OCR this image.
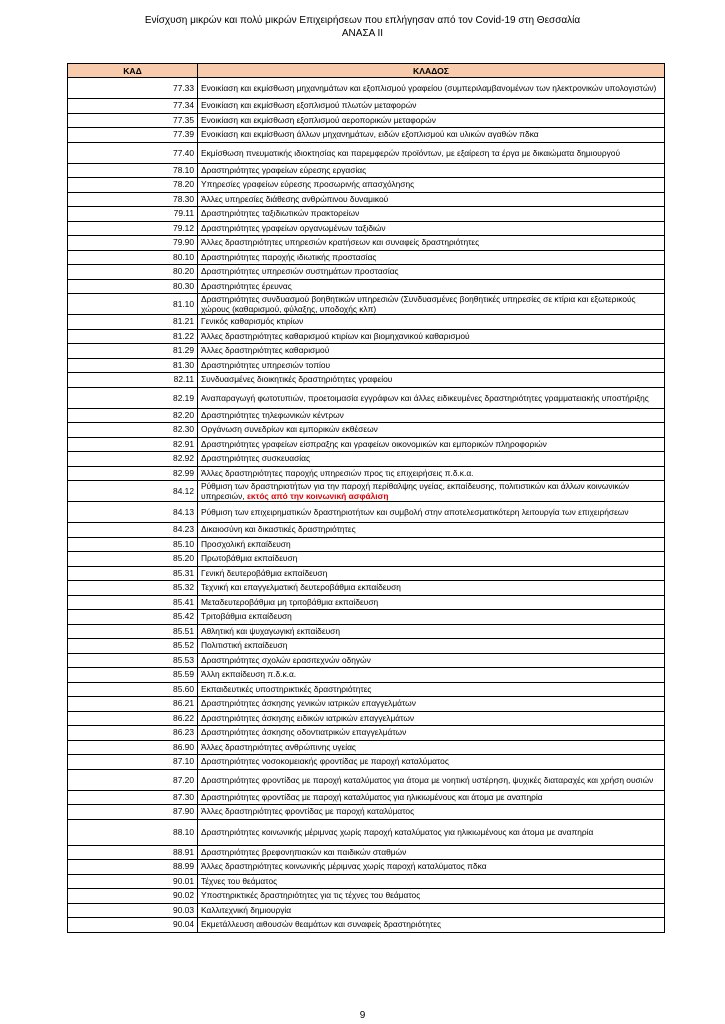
Ενίσχυση μικρών και πολύ μικρών Επιχειρήσεων που επλήγησαν από τον Covid-19 στη Θεσσαλία
ΑΝΑΣΑ ΙΙ
ΚΑΔ	ΚΛΑΔΟΣ
77.33	Ενοικίαση και εκμίσθωση μηχανημάτων και εξοπλισμού γραφείου (συμπεριλαμβανομένων των ηλεκτρονικών υπολογιστών)
77.34	Ενοικίαση και εκμίσθωση εξοπλισμού πλωτών μεταφορών
77.35	Ενοικίαση και εκμίσθωση εξοπλισμού αεροπορικών μεταφορών
77.39	Ενοικίαση και εκμίσθωση άλλων μηχανημάτων, ειδών εξοπλισμού και υλικών αγαθών πδκα
77.40	Εκμίσθωση πνευματικής ιδιοκτησίας και παρεμφερών προϊόντων, με εξαίρεση τα έργα με δικαιώματα δημιουργού
78.10	Δραστηριότητες γραφείων εύρεσης εργασίας
78.20	Υπηρεσίες γραφείων εύρεσης προσωρινής απασχόλησης
78.30	Άλλες υπηρεσίες διάθεσης ανθρώπινου δυναμικού
79.11	Δραστηριότητες ταξιδιωτικών πρακτορείων
79.12	Δραστηριότητες γραφείων οργανωμένων ταξιδιών
79.90	Άλλες δραστηριότητες υπηρεσιών κρατήσεων και συναφείς δραστηριότητες
80.10	Δραστηριότητες παροχής ιδιωτικής προστασίας
80.20	Δραστηριότητες υπηρεσιών συστημάτων προστασίας
80.30	Δραστηριότητες έρευνας
81.10	Δραστηριότητες συνδυασμού βοηθητικών υπηρεσιών (Συνδυασμένες βοηθητικές υπηρεσίες σε κτίρια και εξωτερικούς χώρους (καθαρισμού, φύλαξης, υποδοχής κλπ)
81.21	Γενικός καθαρισμός κτιρίων
81.22	Άλλες δραστηριότητες καθαρισμού κτιρίων και βιομηχανικού καθαρισμού
81.29	Άλλες δραστηριότητες καθαρισμού
81.30	Δραστηριότητες υπηρεσιών τοπίου
82.11	Συνδυασμένες διοικητικές δραστηριότητες γραφείου
82.19	Αναπαραγωγή φωτοτυπιών, προετοιμασία εγγράφων και άλλες ειδικευμένες δραστηριότητες γραμματειακής υποστήριξης
82.20	Δραστηριότητες τηλεφωνικών κέντρων
82.30	Οργάνωση συνεδρίων και εμπορικών εκθέσεων
82.91	Δραστηριότητες γραφείων είσπραξης και γραφείων οικονομικών και εμπορικών πληροφοριών
82.92	Δραστηριότητες συσκευασίας
82.99	Άλλες δραστηριότητες παροχής υπηρεσιών προς τις επιχειρήσεις π.δ.κ.α.
84.12	Ρύθμιση των δραστηριοτήτων για την παροχή περίθαλψης υγείας, εκπαίδευσης, πολιτιστικών και άλλων κοινωνικών υπηρεσιών, εκτός από την κοινωνική ασφάλιση
84.13	Ρύθμιση των επιχειρηματικών δραστηριοτήτων και συμβολή στην αποτελεσματικότερη λειτουργία των επιχειρήσεων
84.23	Δικαιοσύνη και δικαστικές δραστηριότητες
85.10	Προσχολική εκπαίδευση
85.20	Πρωτοβάθμια εκπαίδευση
85.31	Γενική δευτεροβάθμια εκπαίδευση
85.32	Τεχνική και επαγγελματική δευτεροβάθμια εκπαίδευση
85.41	Μεταδευτεροβάθμια μη τριτοβάθμια εκπαίδευση
85.42	Τριτοβάθμια εκπαίδευση
85.51	Αθλητική και ψυχαγωγική εκπαίδευση
85.52	Πολιτιστική εκπαίδευση
85.53	Δραστηριότητες σχολών ερασιτεχνών οδηγών
85.59	Άλλη εκπαίδευση π.δ.κ.α.
85.60	Εκπαιδευτικές υποστηρικτικές δραστηριότητες
86.21	Δραστηριότητες άσκησης γενικών ιατρικών επαγγελμάτων
86.22	Δραστηριότητες άσκησης ειδικών ιατρικών επαγγελμάτων
86.23	Δραστηριότητες άσκησης οδοντιατρικών επαγγελμάτων
86.90	Άλλες δραστηριότητες ανθρώπινης υγείας
87.10	Δραστηριότητες νοσοκομειακής φροντίδας με παροχή καταλύματος
87.20	Δραστηριότητες φροντίδας με παροχή καταλύματος για άτομα με νοητική υστέρηση, ψυχικές διαταραχές και χρήση ουσιών
87.30	Δραστηριότητες φροντίδας με παροχή καταλύματος για ηλικιωμένους και άτομα με αναπηρία
87.90	Άλλες δραστηριότητες φροντίδας με παροχή καταλύματος
88.10	Δραστηριότητες κοινωνικής μέριμνας χωρίς παροχή καταλύματος για ηλικιωμένους και άτομα με αναπηρία
88.91	Δραστηριότητες βρεφονηπιακών και παιδικών σταθμών
88.99	Άλλες δραστηριότητες κοινωνικής μέριμνας χωρίς παροχή καταλύματος πδκα
90.01	Τέχνες του θεάματος
90.02	Υποστηρικτικές δραστηριότητες για τις τέχνες του θεάματος
90.03	Καλλιτεχνική δημιουργία
90.04	Εκμετάλλευση αιθουσών θεαμάτων και συναφείς δραστηριότητες
9
